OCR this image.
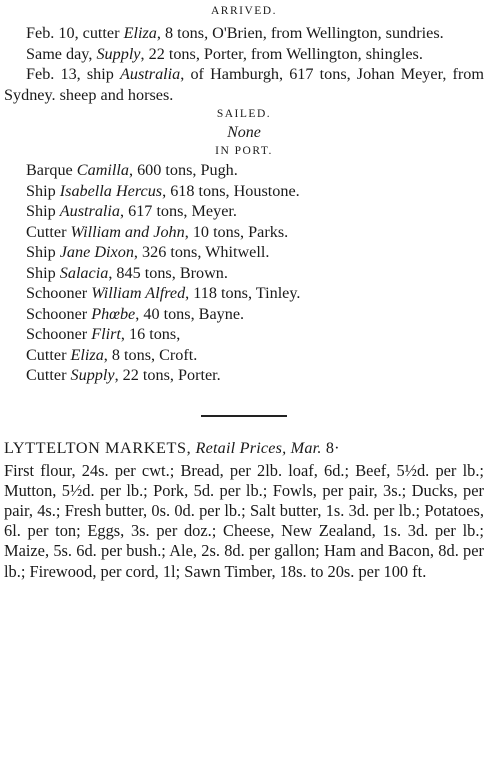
ARRIVED.

Feb. 10, cutter Eliza, 8 tons, O'Brien, from Wellington, sundries.

Same day, Supply, 22 tons, Porter, from Wellington, shingles.

Feb. 13, ship Australia, of Hamburgh, 617 tons, Johan Meyer, from Sydney. sheep and horses.

SAILED.
None
IN PORT.

Barque Camilla, 600 tons, Pugh.

Ship Isabella Hercus, 618 tons, Houstone.

Ship Australia, 617 tons, Meyer.

Cutter William and John, 10 tons, Parks.

Ship Jane Dixon, 326 tons, Whitwell.

Ship Salacia, 845 tons, Brown.

Schooner William Alfred, 118 tons, Tinley.

Schooner Phœbe, 40 tons, Bayne.

Schooner Flirt, 16 tons,

Cutter Eliza, 8 tons, Croft.

Cutter Supply, 22 tons, Porter.

LYTTELTON MARKETS, Retail Prices, Mar. 8·

First flour, 24s. per cwt.; Bread, per 2lb. loaf, 6d.; Beef, 5½d. per lb.; Mutton, 5½d. per lb.; Pork, 5d. per lb.; Fowls, per pair, 3s.; Ducks, per pair, 4s.; Fresh butter, 0s. 0d. per lb.; Salt butter, 1s. 3d. per lb.; Potatoes, 6l. per ton; Eggs, 3s. per doz.; Cheese, New Zealand, 1s. 3d. per lb.; Maize, 5s. 6d. per bush.; Ale, 2s. 8d. per gallon; Ham and Bacon, 8d. per lb.; Firewood, per cord, 1l; Sawn Timber, 18s. to 20s. per 100 ft.
